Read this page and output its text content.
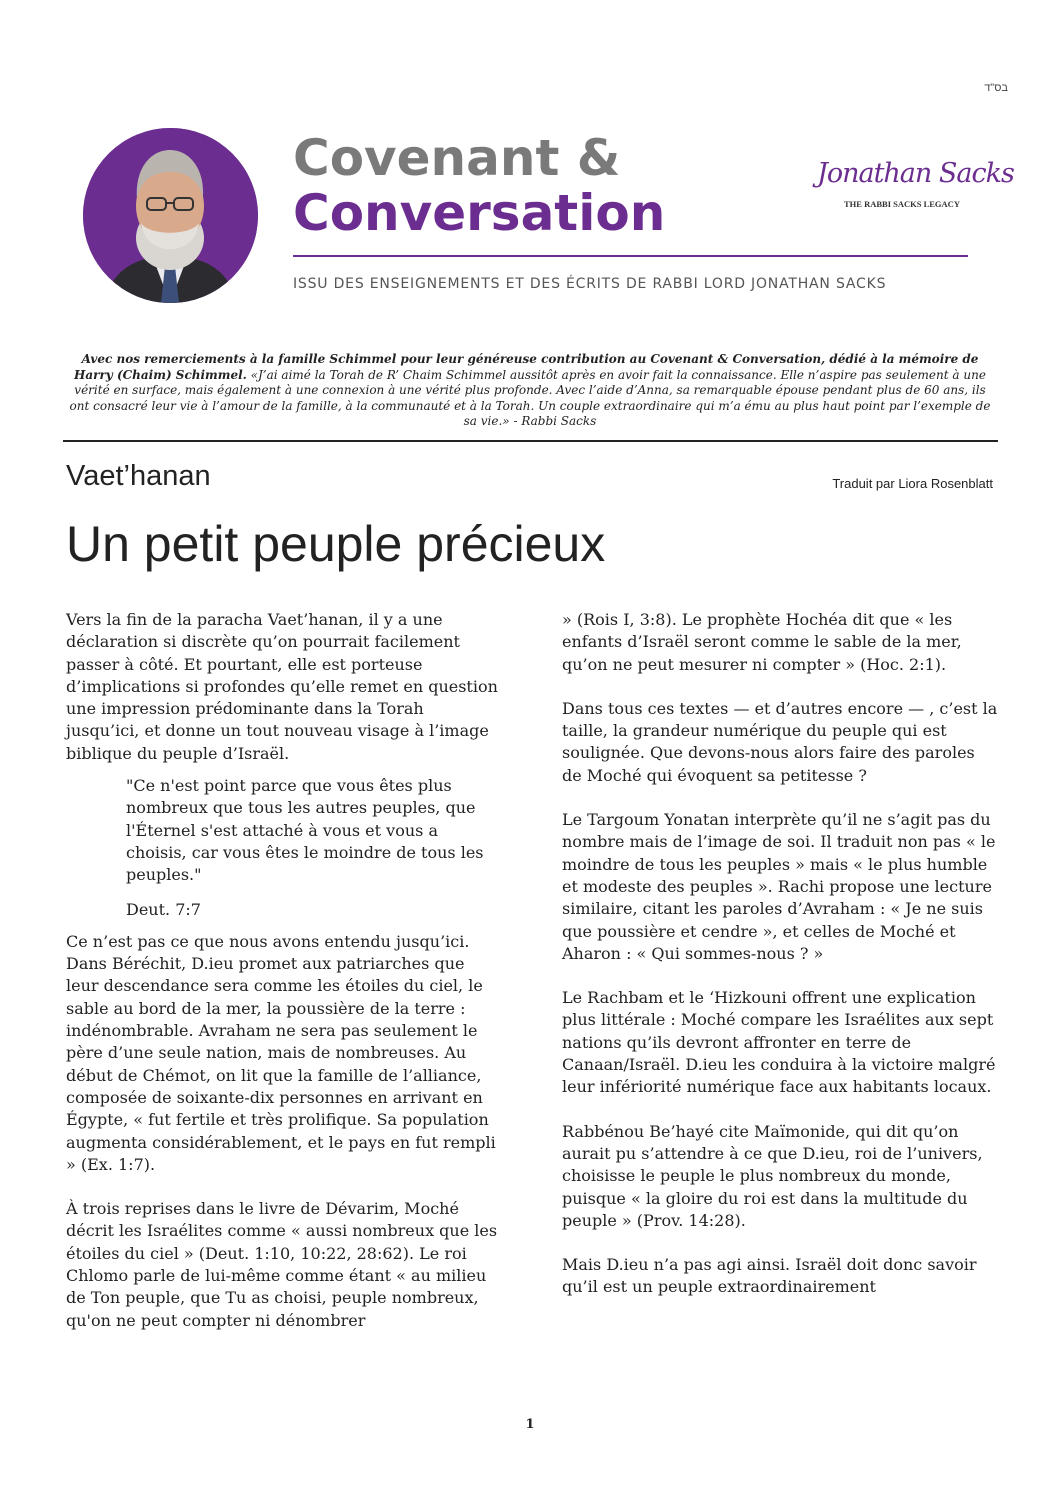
בס"ד
Covenant &
Conversation
ISSU DES ENSEIGNEMENTS ET DES ÉCRITS DE RABBI LORD JONATHAN SACKS
Jonathan Sacks
THE RABBI SACKS LEGACY
Avec nos remerciements à la famille Schimmel pour leur généreuse contribution au Covenant & Conversation, dédié à la mémoire de Harry (Chaim) Schimmel. «J’ai aimé la Torah de R’ Chaim Schimmel aussitôt après en avoir fait la connaissance. Elle n’aspire pas seulement à une vérité en surface, mais également à une connexion à une vérité plus profonde. Avec l’aide d’Anna, sa remarquable épouse pendant plus de 60 ans, ils ont consacré leur vie à l’amour de la famille, à la communauté et à la Torah. Un couple extraordinaire qui m’a ému au plus haut point par l’exemple de sa vie.» - Rabbi Sacks
Vaet’hanan	Traduit par Liora Rosenblatt
Un petit peuple précieux

Vers la fin de la paracha Vaet’hanan, il y a une déclaration si discrète qu’on pourrait facilement passer à côté. Et pourtant, elle est porteuse d’implications si profondes qu’elle remet en question une impression prédominante dans la Torah jusqu’ici, et donne un tout nouveau visage à l’image biblique du peuple d’Israël.

"Ce n'est point parce que vous êtes plus nombreux que tous les autres peuples, que l'Éternel s'est attaché à vous et vous a choisis, car vous êtes le moindre de tous les peuples."
Deut. 7:7

Ce n’est pas ce que nous avons entendu jusqu’ici. Dans Béréchit, D.ieu promet aux patriarches que leur descendance sera comme les étoiles du ciel, le sable au bord de la mer, la poussière de la terre : indénombrable. Avraham ne sera pas seulement le père d’une seule nation, mais de nombreuses. Au début de Chémot, on lit que la famille de l’alliance, composée de soixante-dix personnes en arrivant en Égypte, « fut fertile et très prolifique. Sa population augmenta considérablement, et le pays en fut rempli » (Ex. 1:7).

À trois reprises dans le livre de Dévarim, Moché décrit les Israélites comme « aussi nombreux que les étoiles du ciel » (Deut. 1:10, 10:22, 28:62). Le roi Chlomo parle de lui-même comme étant « au milieu de Ton peuple, que Tu as choisi, peuple nombreux, qu'on ne peut compter ni dénombrer

» (Rois I, 3:8). Le prophète Hochéa dit que « les enfants d’Israël seront comme le sable de la mer, qu’on ne peut mesurer ni compter » (Hoc. 2:1).

Dans tous ces textes — et d’autres encore — , c’est la taille, la grandeur numérique du peuple qui est soulignée. Que devons-nous alors faire des paroles de Moché qui évoquent sa petitesse ?

Le Targoum Yonatan interprète qu’il ne s’agit pas du nombre mais de l’image de soi. Il traduit non pas « le moindre de tous les peuples » mais « le plus humble et modeste des peuples ». Rachi propose une lecture similaire, citant les paroles d’Avraham : « Je ne suis que poussière et cendre », et celles de Moché et Aharon : « Qui sommes-nous ? »

Le Rachbam et le ‘Hizkouni offrent une explication plus littérale : Moché compare les Israélites aux sept nations qu’ils devront affronter en terre de Canaan/Israël. D.ieu les conduira à la victoire malgré leur infériorité numérique face aux habitants locaux.

Rabbénou Be’hayé cite Maïmonide, qui dit qu’on aurait pu s’attendre à ce que D.ieu, roi de l’univers, choisisse le peuple le plus nombreux du monde, puisque « la gloire du roi est dans la multitude du peuple » (Prov. 14:28).

Mais D.ieu n’a pas agi ainsi. Israël doit donc savoir qu’il est un peuple extraordinairement

1
